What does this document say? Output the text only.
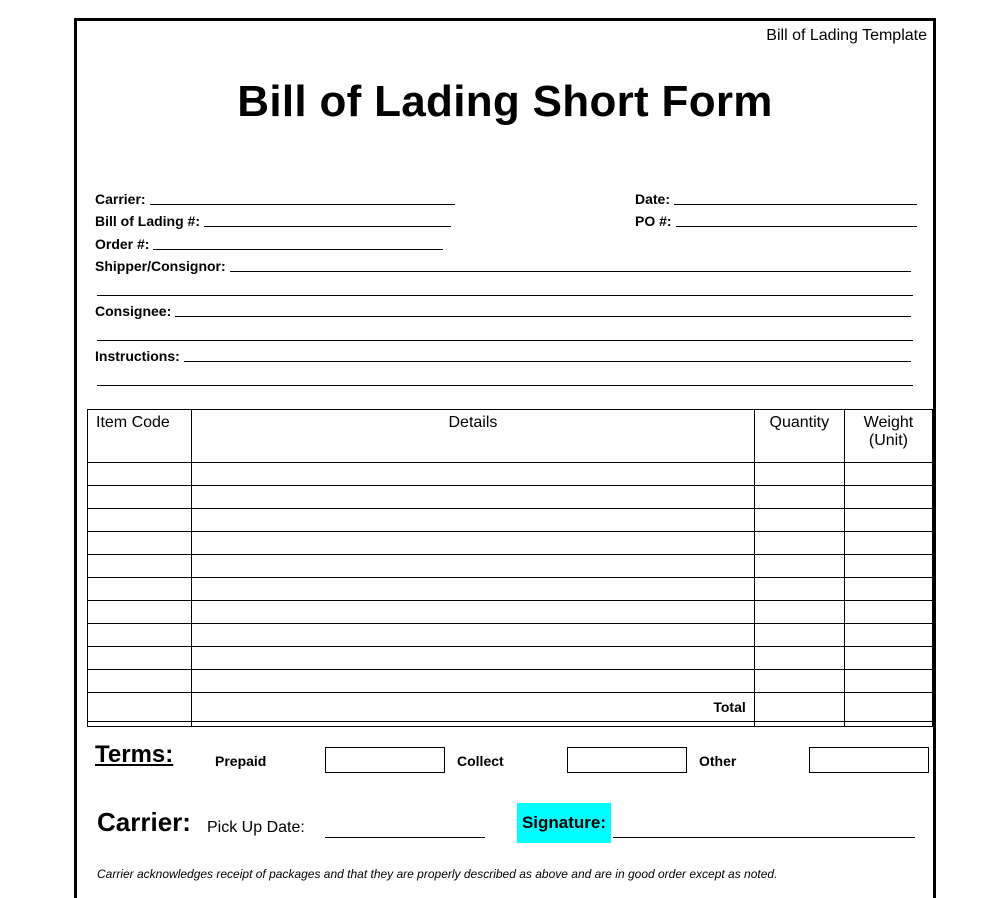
Bill of Lading Template
Bill of Lading Short Form
Carrier:
Bill of Lading #:
Order #:
Date:
PO #:
Shipper/Consignor:
Consignee:
Instructions:
Item Code	Details	Quantity	Weight (Unit)

	Total		

Terms:	Prepaid	Collect	Other
Carrier: Pick Up Date:	Signature:
Carrier acknowledges receipt of packages and that they are properly described as above and are in good order except as noted.
